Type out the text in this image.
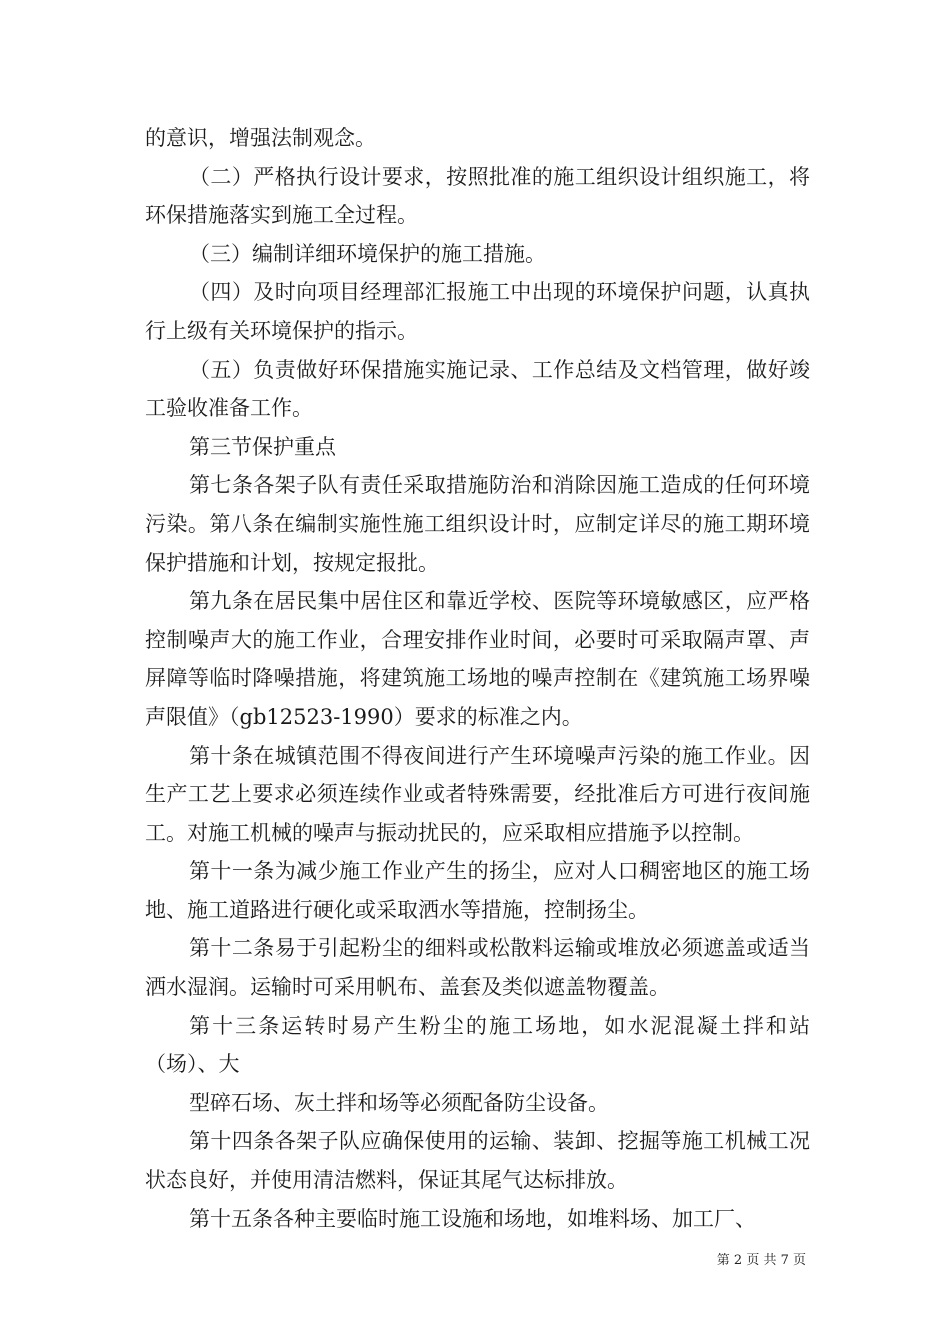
的意识，增强法制观念。

（二）严格执行设计要求，按照批准的施工组织设计组织施工，将环保措施落实到施工全过程。

（三）编制详细环境保护的施工措施。

（四）及时向项目经理部汇报施工中出现的环境保护问题，认真执行上级有关环境保护的指示。

（五）负责做好环保措施实施记录、工作总结及文档管理，做好竣工验收准备工作。

第三节保护重点

第七条各架子队有责任采取措施防治和消除因施工造成的任何环境污染。第八条在编制实施性施工组织设计时，应制定详尽的施工期环境保护措施和计划，按规定报批。

第九条在居民集中居住区和靠近学校、医院等环境敏感区，应严格控制噪声大的施工作业，合理安排作业时间，必要时可采取隔声罩、声屏障等临时降噪措施，将建筑施工场地的噪声控制在《建筑施工场界噪声限值》（gb12523-1990）要求的标准之内。

第十条在城镇范围不得夜间进行产生环境噪声污染的施工作业。因生产工艺上要求必须连续作业或者特殊需要，经批准后方可进行夜间施工。对施工机械的噪声与振动扰民的，应采取相应措施予以控制。

第十一条为减少施工作业产生的扬尘，应对人口稠密地区的施工场地、施工道路进行硬化或采取洒水等措施，控制扬尘。

第十二条易于引起粉尘的细料或松散料运输或堆放必须遮盖或适当洒水湿润。运输时可采用帆布、盖套及类似遮盖物覆盖。

第十三条运转时易产生粉尘的施工场地，如水泥混凝土拌和站（场）、大

型碎石场、灰土拌和场等必须配备防尘设备。

第十四条各架子队应确保使用的运输、装卸、挖掘等施工机械工况状态良好，并使用清洁燃料，保证其尾气达标排放。

第十五条各种主要临时施工设施和场地，如堆料场、加工厂、

第 2 页 共 7 页
